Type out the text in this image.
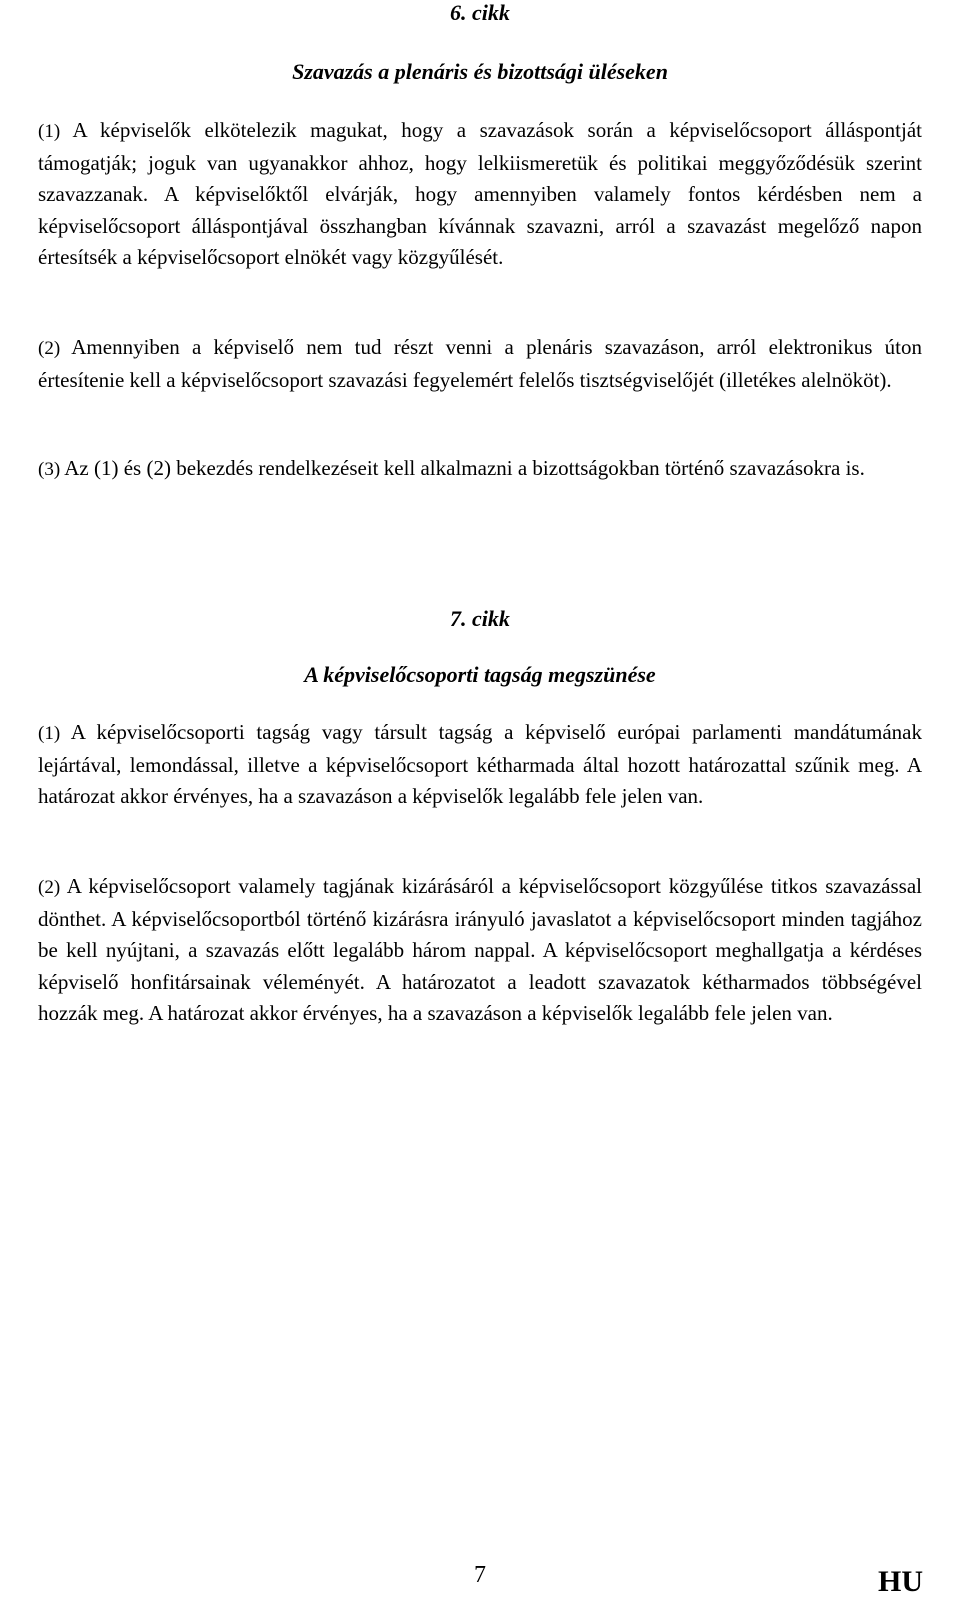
6. cikk
Szavazás a plenáris és bizottsági üléseken

(1) A képviselők elkötelezik magukat, hogy a szavazások során a képviselőcsoport álláspontját támogatják; joguk van ugyanakkor ahhoz, hogy lelkiismeretük és politikai meggyőződésük szerint szavazzanak. A képviselőktől elvárják, hogy amennyiben valamely fontos kérdésben nem a képviselőcsoport álláspontjával összhangban kívánnak szavazni, arról a szavazást megelőző napon értesítsék a képviselőcsoport elnökét vagy közgyűlését.

(2) Amennyiben a képviselő nem tud részt venni a plenáris szavazáson, arról elektronikus úton értesítenie kell a képviselőcsoport szavazási fegyelemért felelős tisztségviselőjét (illetékes alelnököt).

(3) Az (1) és (2) bekezdés rendelkezéseit kell alkalmazni a bizottságokban történő szavazásokra is.

7. cikk
A képviselőcsoporti tagság megszünése

(1) A képviselőcsoporti tagság vagy társult tagság a képviselő európai parlamenti mandátumának lejártával, lemondással, illetve a képviselőcsoport kétharmada által hozott határozattal szűnik meg. A határozat akkor érvényes, ha a szavazáson a képviselők legalább fele jelen van.

(2) A képviselőcsoport valamely tagjának kizárásáról a képviselőcsoport közgyűlése titkos szavazással dönthet. A képviselőcsoportból történő kizárásra irányuló javaslatot a képviselőcsoport minden tagjához be kell nyújtani, a szavazás előtt legalább három nappal. A képviselőcsoport meghallgatja a kérdéses képviselő honfitársainak véleményét. A határozatot a leadott szavazatok kétharmados többségével hozzák meg. A határozat akkor érvényes, ha a szavazáson a képviselők legalább fele jelen van.

7	HU
